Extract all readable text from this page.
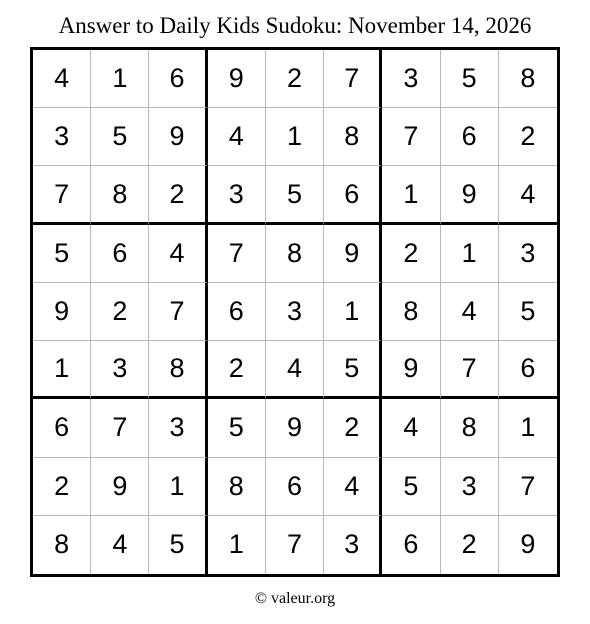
Answer to Daily Kids Sudoku: November 14, 2026
4	1	6	9	2	7	3	5	8
3	5	9	4	1	8	7	6	2
7	8	2	3	5	6	1	9	4
5	6	4	7	8	9	2	1	3
9	2	7	6	3	1	8	4	5
1	3	8	2	4	5	9	7	6
6	7	3	5	9	2	4	8	1
2	9	1	8	6	4	5	3	7
8	4	5	1	7	3	6	2	9
© valeur.org
